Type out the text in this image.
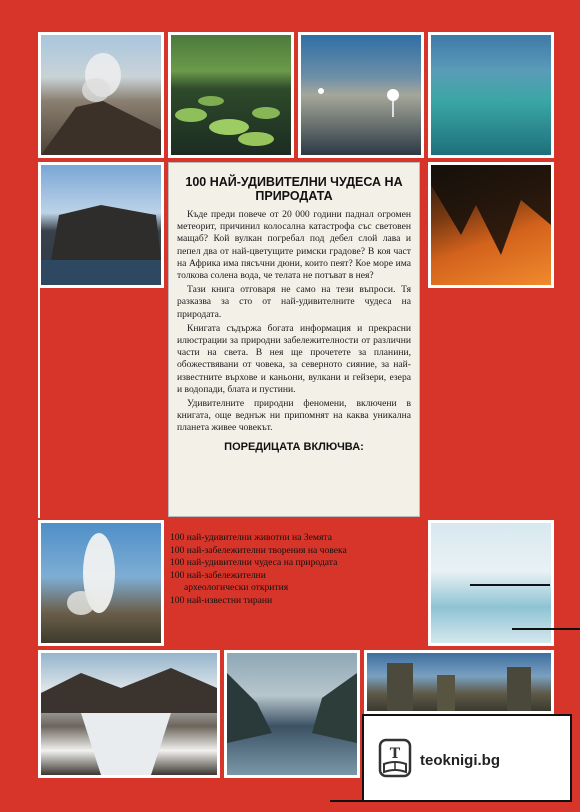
100 НАЙ-УДИВИТЕЛНИ ЧУДЕСА НА ПРИРОДАТА

Къде преди повече от 20 000 години паднал огромен метеорит, причинил колосална катастрофа със световен мащаб? Кой вулкан погребал под дебел слой лава и пепел два от най-цветущите римски градове? В коя част на Африка има пясъчни дюни, които пеят? Кое море има толкова солена вода, че телата не потъват в нея?

Тази книга отговаря не само на тези въпроси. Тя разказва за сто от най-удивителните чудеса на природата.

Книгата съдържа богата информация и прекрасни илюстрации за природни забележителности от различни части на света. В нея ще прочетете за планини, обожествявани от човека, за северното сияние, за най-известните върхове и каньони, вулкани и гейзери, езера и водопади, блата и пустини.

Удивителните природни феномени, включени в книгата, още веднъж ни припомнят на каква уникална планета живее човекът.

ПОРЕДИЦАТА ВКЛЮЧВА:
100 най-удивителни животни на Земята
100 най-забележителни творения на човека
100 най-удивителни чудеса на природата
100 най-забележителни
археологически открития
100 най-известни тирани
T teoknigi.bg
